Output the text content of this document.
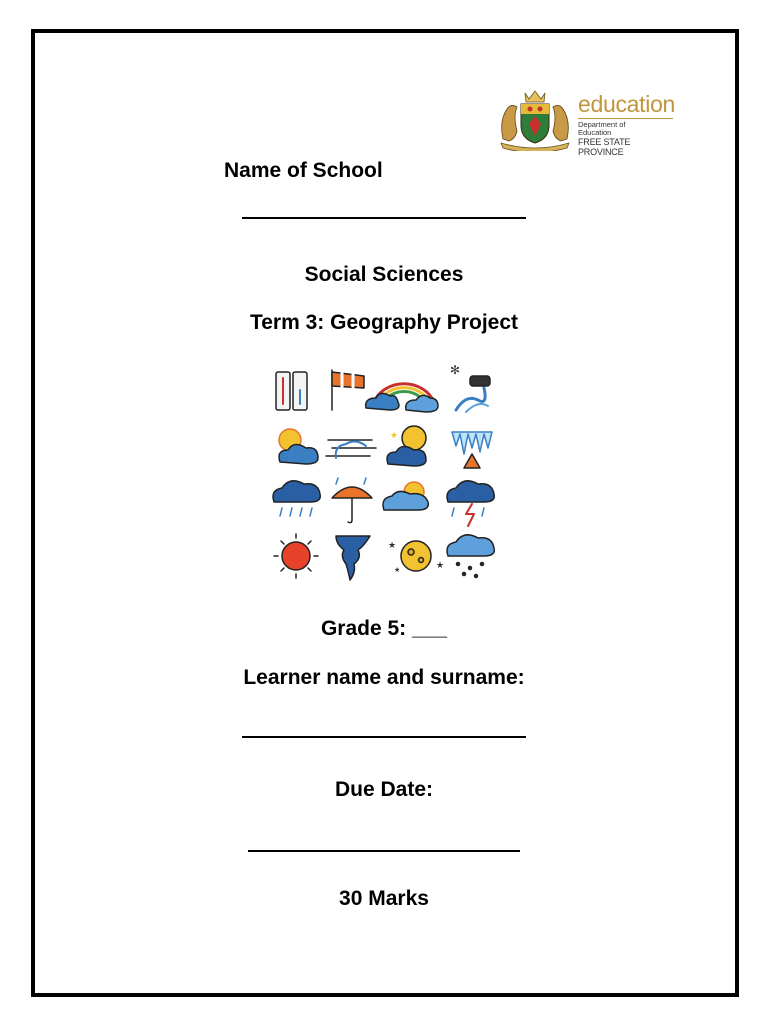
education
Department of
Education
FREE STATE PROVINCE
Name of School
Social Sciences
Term 3: Geography Project
✻
★
★
★
★
Grade 5: ___
Learner name and surname:
Due Date:
30 Marks
